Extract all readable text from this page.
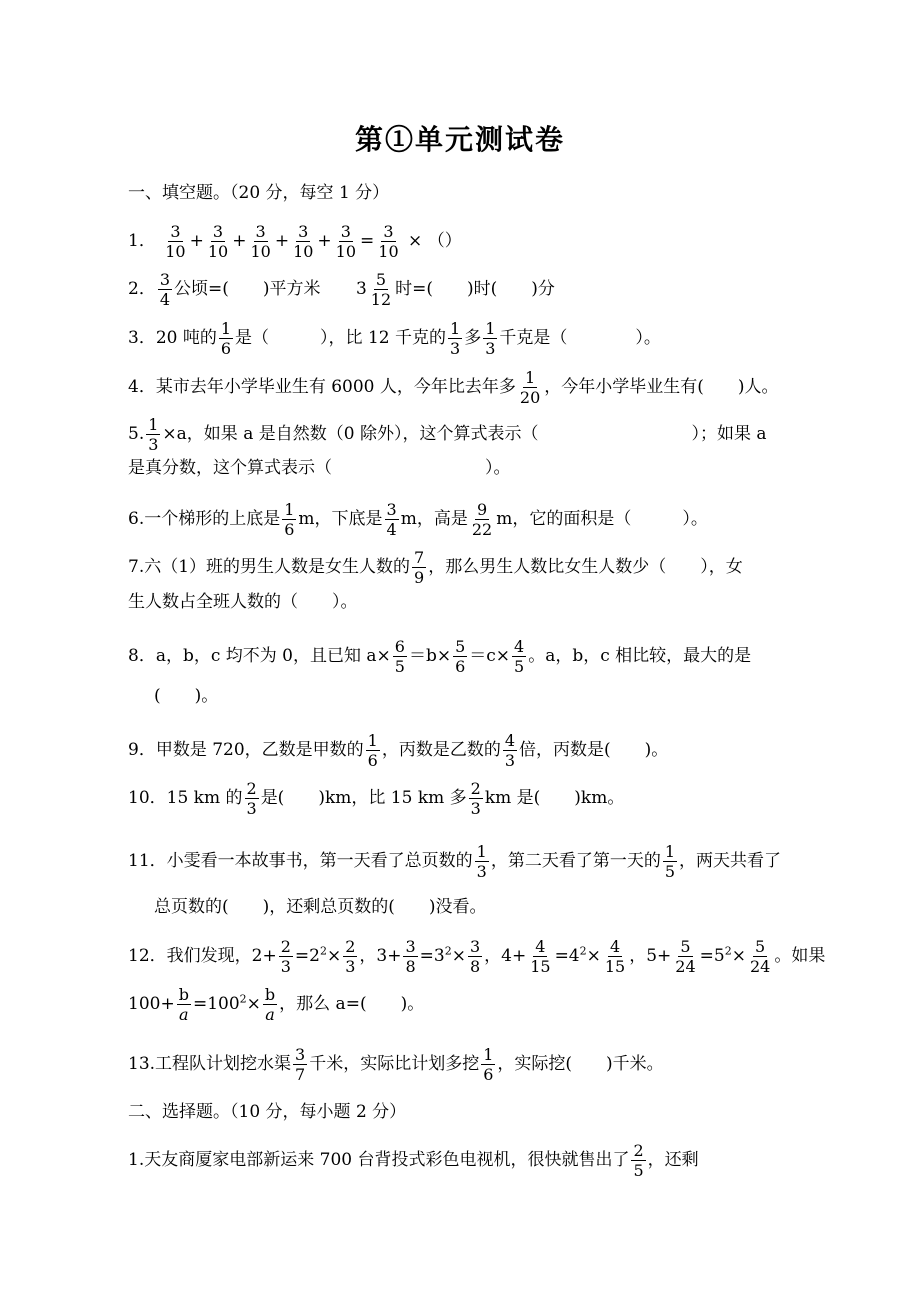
第①单元测试卷
一、填空题。（20 分，每空 1 分）
1． $\frac{3}{10} + \frac{3}{10} + \frac{3}{10} + \frac{3}{10} + \frac{3}{10} = \frac{3}{10}$ × （）
2． $\frac{3}{4}$ 公顷=(　　)平方米 $3 \frac{5}{12}$ 时=(　　)时(　　)分
3．20 吨的 $\frac{1}{6}$ 是（　　　），比 12 千克的 $\frac{1}{3}$ 多 $\frac{1}{3}$ 千克是（　　　　）。
4．某市去年小学毕业生有 6000 人，今年比去年多 $\frac{1}{20}$ ，今年小学毕业生有(　　)人。
5. $\frac{1}{3} \times a$，如果 a 是自然数（0 除外），这个算式表示（　　　　　　　　　）；如果 a
是真分数，这个算式表示（　　　　　　　　　）。
6.一个梯形的上底是 $\frac{1}{6}$ m，下底是 $\frac{3}{4}$ m，高是 $\frac{9}{22}$ m，它的面积是（　　　）。
7.六（1）班的男生人数是女生人数的 $\frac{7}{9}$ ，那么男生人数比女生人数少（　　），女
生人数占全班人数的（　　）。
8．a，b，c 均不为 0，且已知 $a\times \frac{6}{5} =b\times \frac{5}{6} =c\times \frac{4}{5}$ 。a，b，c 相比较，最大的是
(　　)。
9．甲数是 720，乙数是甲数的 $\frac{1}{6}$ ，丙数是乙数的 $\frac{4}{3}$ 倍，丙数是(　　)。
10．15 km 的 $\frac{2}{3}$ 是(　　)km，比 15 km 多 $\frac{2}{3}$ km 是(　　)km。
11．小雯看一本故事书，第一天看了总页数的 $\frac{1}{3}$ ，第二天看了第一天的 $\frac{1}{5}$ ，两天共看了
总页数的(　　)，还剩总页数的(　　)没看。
12．我们发现，$2+ \frac{2}{3} =2^2\times \frac{2}{3}$ ，$3+ \frac{3}{8} =3^2\times \frac{3}{8}$ ，$4+ \frac{4}{15} =4^2\times \frac{4}{15}$ ，$5+ \frac{5}{24} =5^2\times \frac{5}{24}$ 。如果
$100+ \frac{b}{a} =100^2\times \frac{b}{a}$ ，那么 a=(　　)。
13.工程队计划挖水渠 $\frac{3}{7}$ 千米，实际比计划多挖 $\frac{1}{6}$ ，实际挖(　　)千米。
二、选择题。（10 分，每小题 2 分）
1.天友商厦家电部新运来 700 台背投式彩色电视机，很快就售出了 $\frac{2}{5}$ ，还剩
